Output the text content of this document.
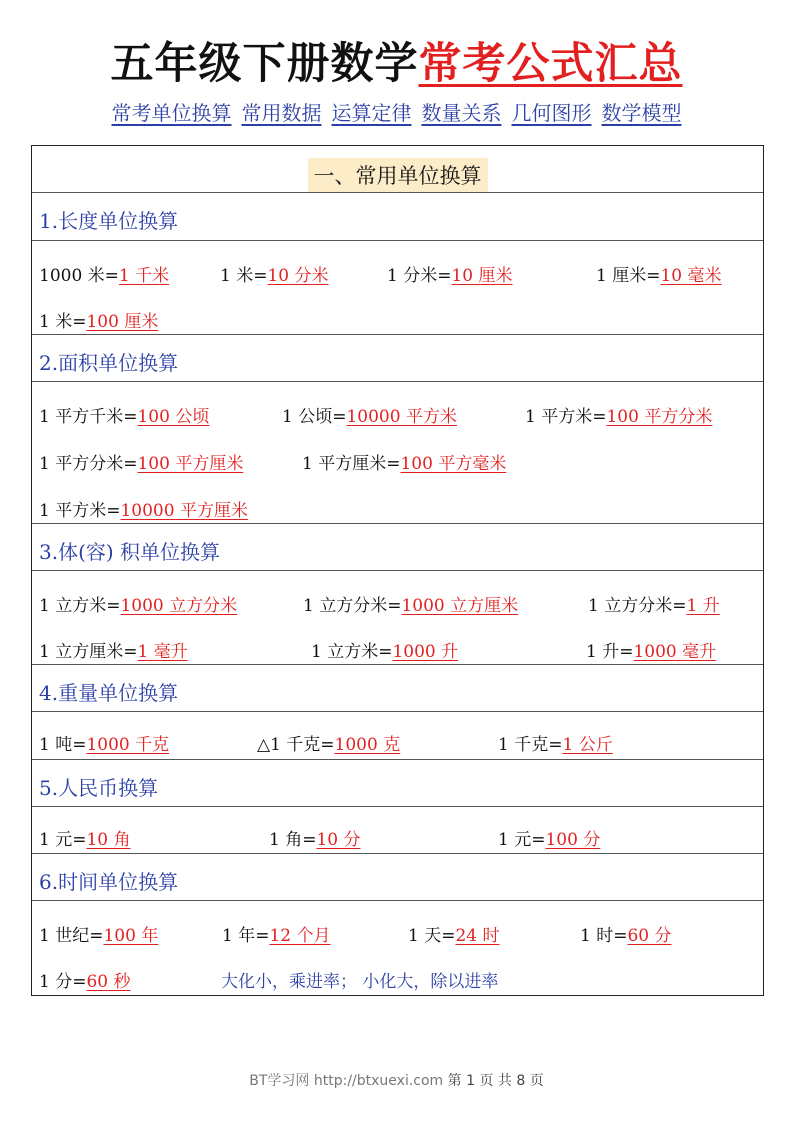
五年级下册数学常考公式汇总
常考单位换算 常用数据 运算定律 数量关系 几何图形 数学模型
一、常用单位换算
1.长度单位换算
1000 米=1 千米	1 米=10 分米	1 分米=10 厘米	1 厘米=10 毫米
1 米=100 厘米
2.面积单位换算
1 平方千米=100 公顷	1 公顷=10000 平方米	1 平方米=100 平方分米
1 平方分米=100 平方厘米	1 平方厘米=100 平方毫米
1 平方米=10000 平方厘米
3.体(容) 积单位换算
1 立方米=1000 立方分米	1 立方分米=1000 立方厘米	1 立方分米=1 升
1 立方厘米=1 毫升	1 立方米=1000 升	1 升=1000 毫升
4.重量单位换算
1 吨=1000 千克	△1 千克=1000 克	1 千克=1 公斤
5.人民币换算
1 元=10 角	1 角=10 分	1 元=100 分
6.时间单位换算
1 世纪=100 年	1 年=12 个月	1 天=24 时	1 时=60 分
1 分=60 秒	大化小，乘进率； 小化大，除以进率
BT学习网 http://btxuexi.com 第 1 页 共 8 页
